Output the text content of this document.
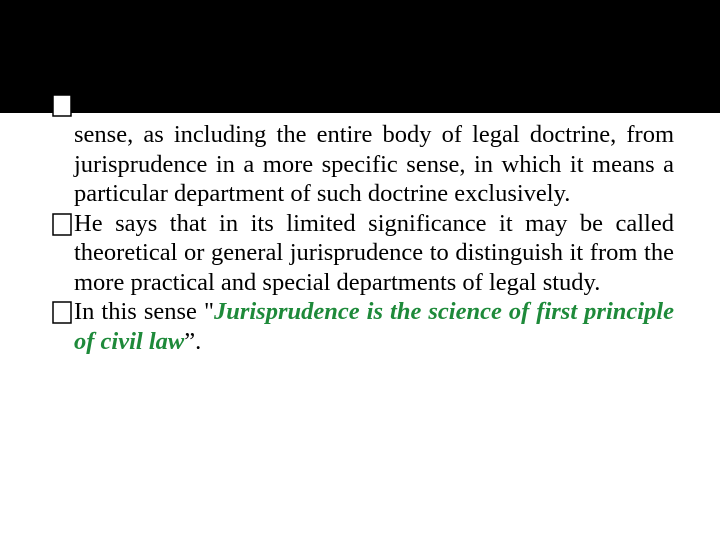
sense, as including the entire body of legal doctrine, from jurisprudence in a more specific sense, in which it means a particular department of such doctrine exclusively.
He says that in its limited significance it may be called theoretical or general jurisprudence to distinguish it from the more practical and special departments of legal study.
In this sense "Jurisprudence is the science of first principle of civil law”.
